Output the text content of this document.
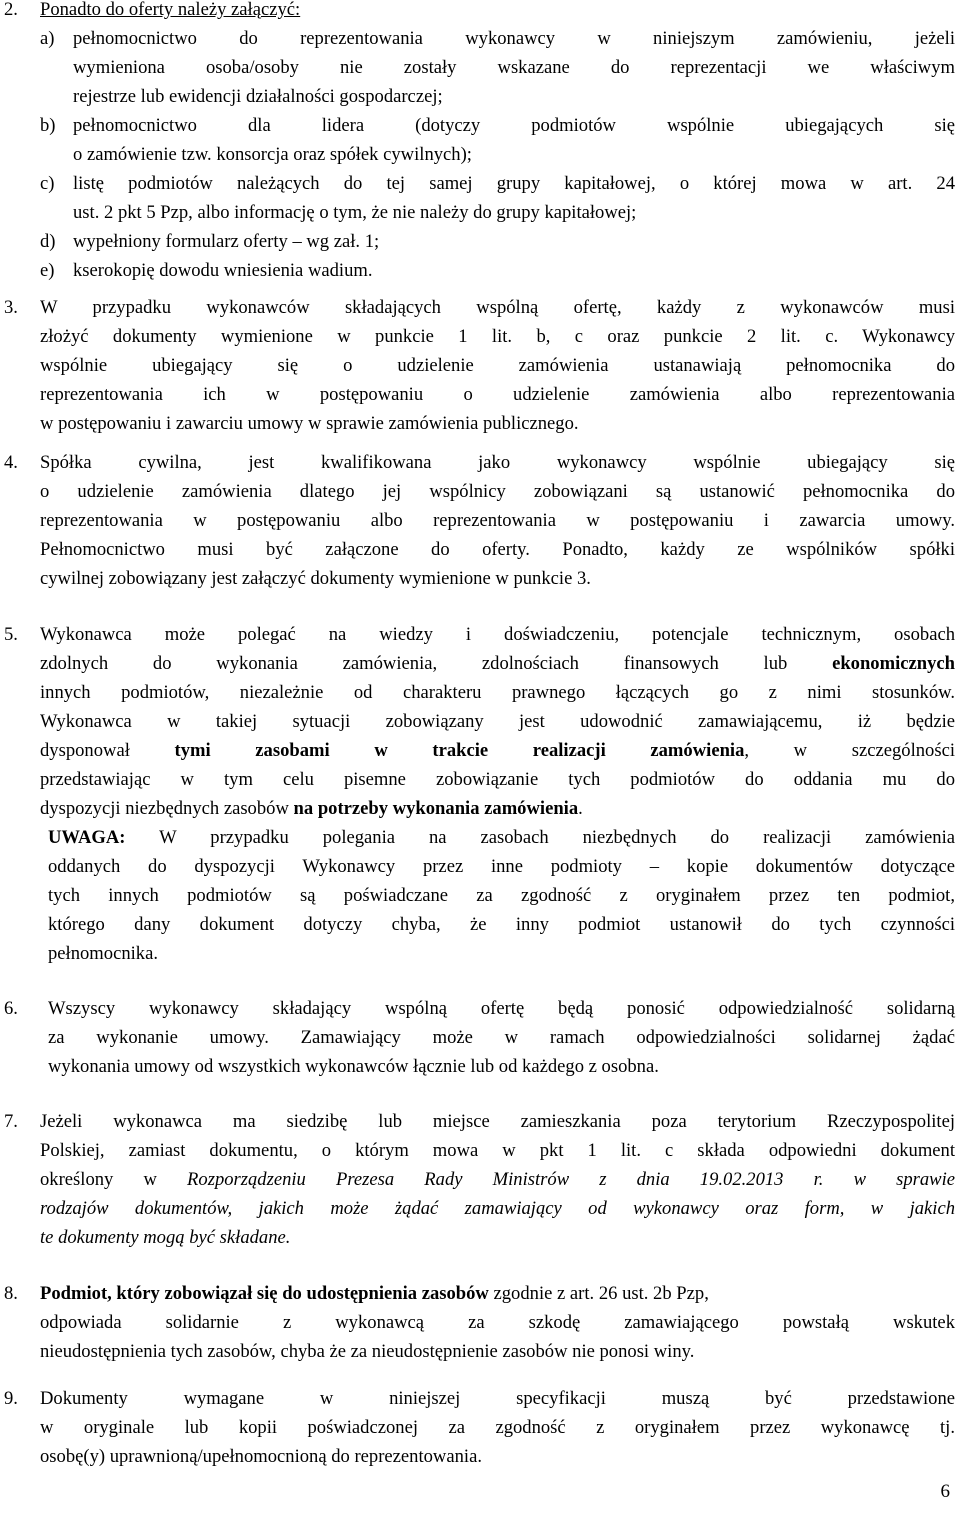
2. Ponadto do oferty należy załączyć:
a) pełnomocnictwo do reprezentowania wykonawcy w niniejszym zamówieniu, jeżeli
wymieniona osoba/osoby nie zostały wskazane do reprezentacji we właściwym
rejestrze lub ewidencji działalności gospodarczej;
b) pełnomocnictwo dla lidera (dotyczy podmiotów wspólnie ubiegających się
o zamówienie tzw. konsorcja oraz spółek cywilnych);
c) listę podmiotów należących do tej samej grupy kapitałowej, o której mowa w art. 24
ust. 2 pkt 5 Pzp, albo informację o tym, że nie należy do grupy kapitałowej;
d) wypełniony formularz oferty – wg zał. 1;
e) kserokopię dowodu wniesienia wadium.
3. W przypadku wykonawców składających wspólną ofertę, każdy z wykonawców musi
złożyć dokumenty wymienione w punkcie 1 lit. b, c oraz punkcie 2 lit. c. Wykonawcy
wspólnie ubiegający się o udzielenie zamówienia ustanawiają pełnomocnika do
reprezentowania ich w postępowaniu o udzielenie zamówienia albo reprezentowania
w postępowaniu i zawarciu umowy w sprawie zamówienia publicznego.
4. Spółka cywilna, jest kwalifikowana jako wykonawcy wspólnie ubiegający się
o udzielenie zamówienia dlatego jej wspólnicy zobowiązani są ustanowić pełnomocnika do
reprezentowania w postępowaniu albo reprezentowania w postępowaniu i zawarcia umowy.
Pełnomocnictwo musi być załączone do oferty. Ponadto, każdy ze wspólników spółki
cywilnej zobowiązany jest załączyć dokumenty wymienione w punkcie 3.
5. Wykonawca może polegać na wiedzy i doświadczeniu, potencjale technicznym, osobach
zdolnych do wykonania zamówienia, zdolnościach finansowych lub ekonomicznych
innych podmiotów, niezależnie od charakteru prawnego łączących go z nimi stosunków.
Wykonawca w takiej sytuacji zobowiązany jest udowodnić zamawiającemu, iż będzie
dysponował tymi zasobami w trakcie realizacji zamówienia, w szczególności
przedstawiając w tym celu pisemne zobowiązanie tych podmiotów do oddania mu do
dyspozycji niezbędnych zasobów na potrzeby wykonania zamówienia.
UWAGA: W przypadku polegania na zasobach niezbędnych do realizacji zamówienia
oddanych do dyspozycji Wykonawcy przez inne podmioty – kopie dokumentów dotyczące
tych innych podmiotów są poświadczane za zgodność z oryginałem przez ten podmiot,
którego dany dokument dotyczy chyba, że inny podmiot ustanowił do tych czynności
pełnomocnika.
6. Wszyscy wykonawcy składający wspólną ofertę będą ponosić odpowiedzialność solidarną
za wykonanie umowy. Zamawiający może w ramach odpowiedzialności solidarnej żądać
wykonania umowy od wszystkich wykonawców łącznie lub od każdego z osobna.
7. Jeżeli wykonawca ma siedzibę lub miejsce zamieszkania poza terytorium Rzeczypospolitej
Polskiej, zamiast dokumentu, o którym mowa w pkt 1 lit. c składa odpowiedni dokument
określony w Rozporządzeniu Prezesa Rady Ministrów z dnia 19.02.2013 r. w sprawie
rodzajów dokumentów, jakich może żądać zamawiający od wykonawcy oraz form, w jakich
te dokumenty mogą być składane.
8. Podmiot, który zobowiązał się do udostępnienia zasobów zgodnie z art. 26 ust. 2b Pzp,
odpowiada solidarnie z wykonawcą za szkodę zamawiającego powstałą wskutek
nieudostępnienia tych zasobów, chyba że za nieudostępnienie zasobów nie ponosi winy.
9. Dokumenty wymagane w niniejszej specyfikacji muszą być przedstawione
w oryginale lub kopii poświadczonej za zgodność z oryginałem przez wykonawcę tj.
osobę(y) uprawnioną/upełnomocnioną do reprezentowania.
6
